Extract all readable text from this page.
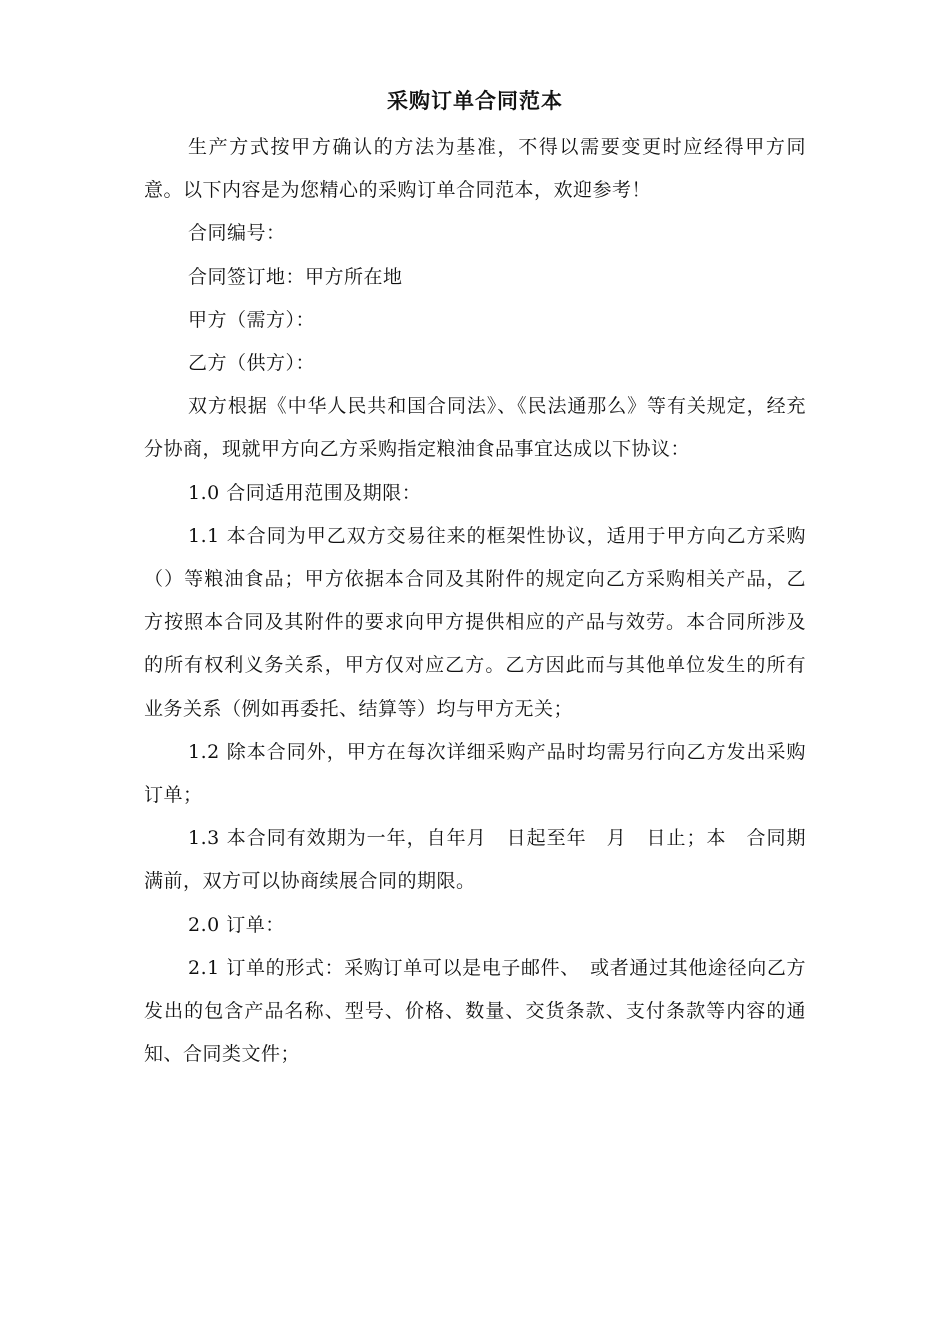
采购订单合同范本

生产方式按甲方确认的方法为基准，不得以需要变更时应经得甲方同意。以下内容是为您精心的采购订单合同范本，欢迎参考！

合同编号：

合同签订地：甲方所在地

甲方（需方）：

乙方（供方）：

双方根据《中华人民共和国合同法》、《民法通那么》等有关规定，经充分协商，现就甲方向乙方采购指定粮油食品事宜达成以下协议：

1.0 合同适用范围及期限：

1.1 本合同为甲乙双方交易往来的框架性协议，适用于甲方向乙方采购（）等粮油食品；甲方依据本合同及其附件的规定向乙方采购相关产品，乙方按照本合同及其附件的要求向甲方提供相应的产品与效劳。本合同所涉及的所有权利义务关系，甲方仅对应乙方。乙方因此而与其他单位发生的所有业务关系（例如再委托、结算等）均与甲方无关；

1.2 除本合同外，甲方在每次详细采购产品时均需另行向乙方发出采购订单；

1.3 本合同有效期为一年，自年月　日起至年　月　日止；本　合同期满前，双方可以协商续展合同的期限。

2.0 订单：

2.1 订单的形式：采购订单可以是电子邮件、　或者通过其他途径向乙方发出的包含产品名称、型号、价格、数量、交货条款、支付条款等内容的通知、合同类文件；
